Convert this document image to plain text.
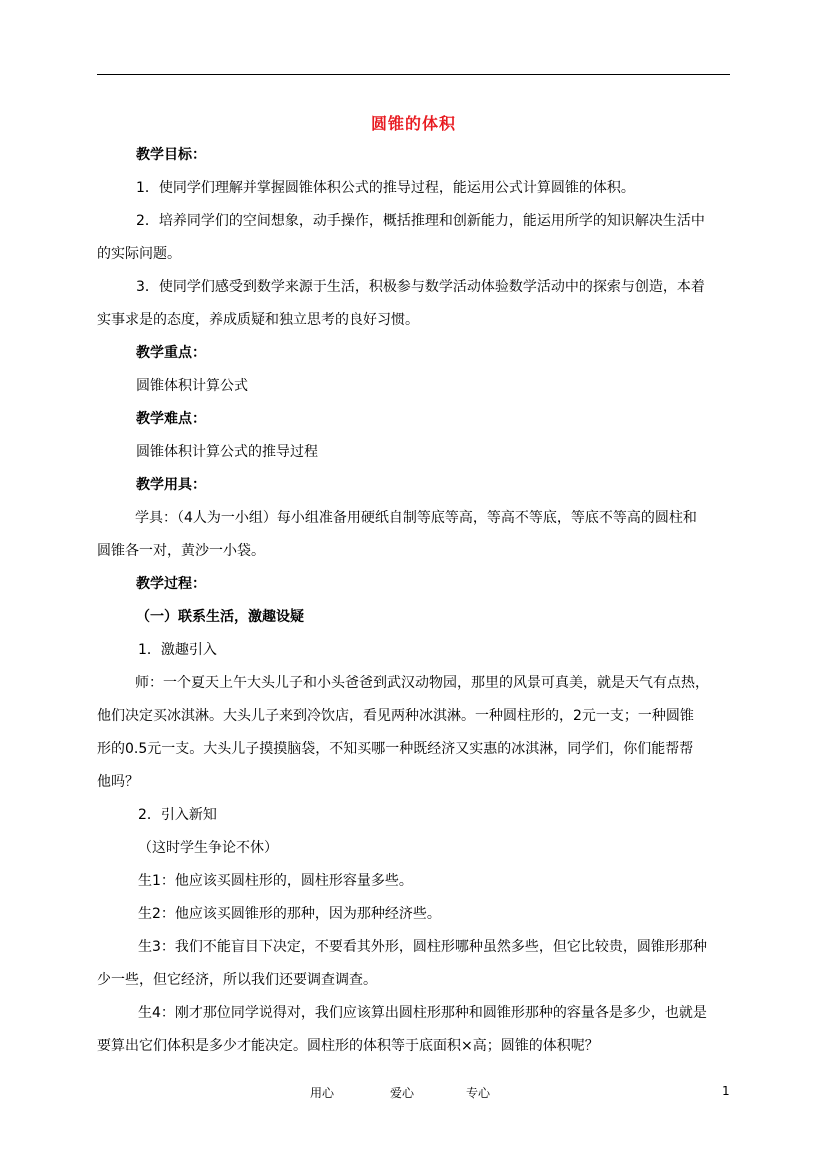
圆锥的体积
教学目标：
1．使同学们理解并掌握圆锥体积公式的推导过程，能运用公式计算圆锥的体积。
2．培养同学们的空间想象，动手操作，概括推理和创新能力，能运用所学的知识解决生活中
的实际问题。
3．使同学们感受到数学来源于生活，积极参与数学活动体验数学活动中的探索与创造，本着
实事求是的态度，养成质疑和独立思考的良好习惯。
教学重点：
圆锥体积计算公式
教学难点：
圆锥体积计算公式的推导过程
教学用具：
学具：（4人为一小组）每小组准备用硬纸自制等底等高，等高不等底，等底不等高的圆柱和
圆锥各一对，黄沙一小袋。
教学过程：
（一）联系生活，激趣设疑
1．激趣引入
师：一个夏天上午大头儿子和小头爸爸到武汉动物园，那里的风景可真美，就是天气有点热，
他们决定买冰淇淋。大头儿子来到冷饮店，看见两种冰淇淋。一种圆柱形的，2元一支；一种圆锥
形的0.5元一支。大头儿子摸摸脑袋，不知买哪一种既经济又实惠的冰淇淋，同学们，你们能帮帮
他吗？
2．引入新知
（这时学生争论不休）
生1：他应该买圆柱形的，圆柱形容量多些。
生2：他应该买圆锥形的那种，因为那种经济些。
生3：我们不能盲目下决定，不要看其外形，圆柱形哪种虽然多些，但它比较贵，圆锥形那种
少一些，但它经济，所以我们还要调查调查。
生4：刚才那位同学说得对，我们应该算出圆柱形那种和圆锥形那种的容量各是多少，也就是
要算出它们体积是多少才能决定。圆柱形的体积等于底面积×高；圆锥的体积呢？
用心	爱心	专心	1
